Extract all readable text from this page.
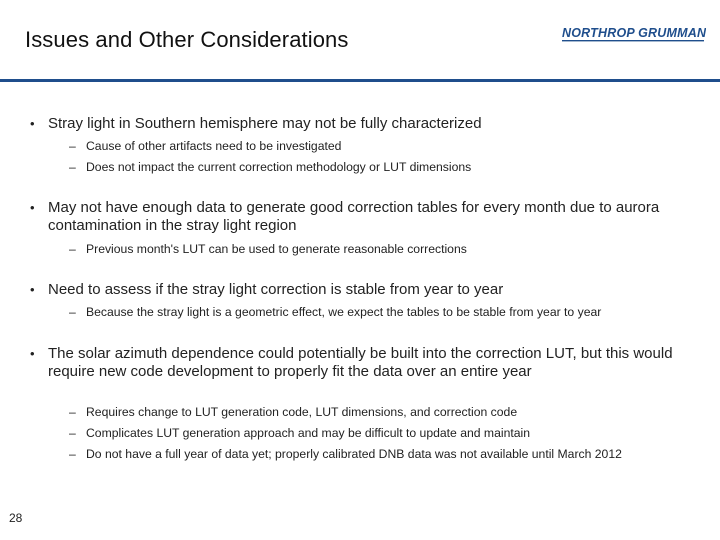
Issues and Other Considerations	NORTHROP GRUMMAN
• Stray light in Southern hemisphere may not be fully characterized
– Cause of other artifacts need to be investigated
– Does not impact the current correction methodology or LUT dimensions
• May not have enough data to generate good correction tables for every month due to aurora contamination in the stray light region
– Previous month's LUT can be used to generate reasonable corrections
• Need to assess if the stray light correction is stable from year to year
– Because the stray light is a geometric effect, we expect the tables to be stable from year to year
• The solar azimuth dependence could potentially be built into the correction LUT, but this would require new code development to properly fit the data over an entire year
– Requires change to LUT generation code, LUT dimensions, and correction code
– Complicates LUT generation approach and may be difficult to update and maintain
– Do not have a full year of data yet; properly calibrated DNB data was not available until March 2012
28
